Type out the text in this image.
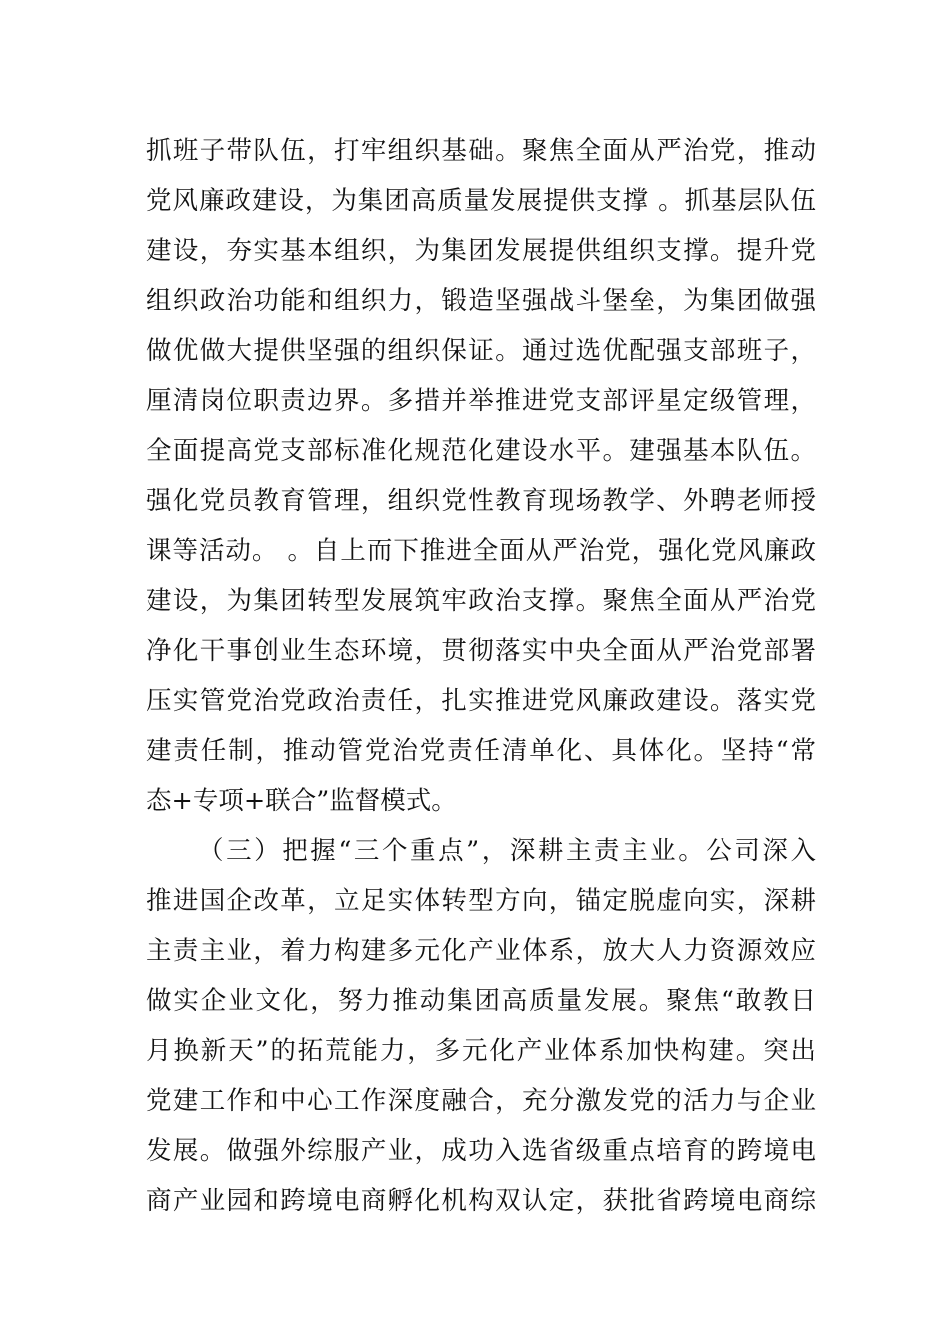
抓班子带队伍，打牢组织基础。聚焦全面从严治党，推动
党风廉政建设，为集团高质量发展提供支撑 。抓基层队伍
建设，夯实基本组织，为集团发展提供组织支撑。提升党
组织政治功能和组织力，锻造坚强战斗堡垒，为集团做强
做优做大提供坚强的组织保证。通过选优配强支部班子，
厘清岗位职责边界。多措并举推进党支部评星定级管理，
全面提高党支部标准化规范化建设水平。建强基本队伍。
强化党员教育管理，组织党性教育现场教学、外聘老师授
课等活动。 。自上而下推进全面从严治党，强化党风廉政
建设，为集团转型发展筑牢政治支撑。聚焦全面从严治党
净化干事创业生态环境，贯彻落实中央全面从严治党部署
压实管党治党政治责任，扎实推进党风廉政建设。落实党
建责任制，推动管党治党责任清单化、具体化。坚持“常
态+专项+联合”监督模式。
（三）把握“三个重点”，深耕主责主业。公司深入
推进国企改革，立足实体转型方向，锚定脱虚向实，深耕
主责主业，着力构建多元化产业体系，放大人力资源效应
做实企业文化，努力推动集团高质量发展。聚焦“敢教日
月换新天”的拓荒能力，多元化产业体系加快构建。突出
党建工作和中心工作深度融合，充分激发党的活力与企业
发展。做强外综服产业，成功入选省级重点培育的跨境电
商产业园和跨境电商孵化机构双认定，获批省跨境电商综
